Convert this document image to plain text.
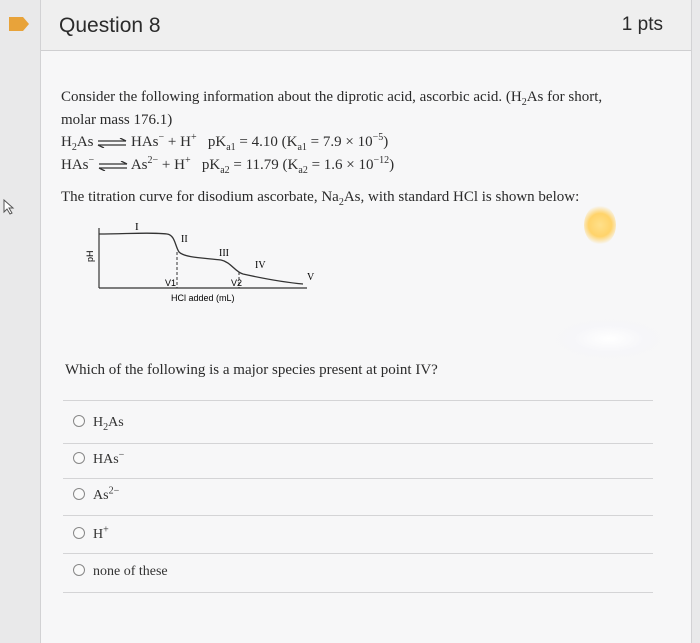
Question 8	1 pts
Consider the following information about the diprotic acid, ascorbic acid. ($H_2As$ for short,
molar mass 176.1)
$H_2As$ ⇌ HAs− + H+ $pK_{a1} = 4.10$ $(K_{a1} = 7.9 \times 10^{-5})$
HAs− ⇌ $As^{2-} + H^+$ $pK_{a2} = 11.79$ $(K_{a2} = 1.6 \times 10^{-12})$
The titration curve for disodium ascorbate, $Na_2As$, with standard HCl is shown below:
pH
I
II
III
IV
V
V1	V2
HCl added (mL)
Which of the following is a major species present at point IV?
$H_2As$
HAs−
$As^{2-}$
H+
none of these
